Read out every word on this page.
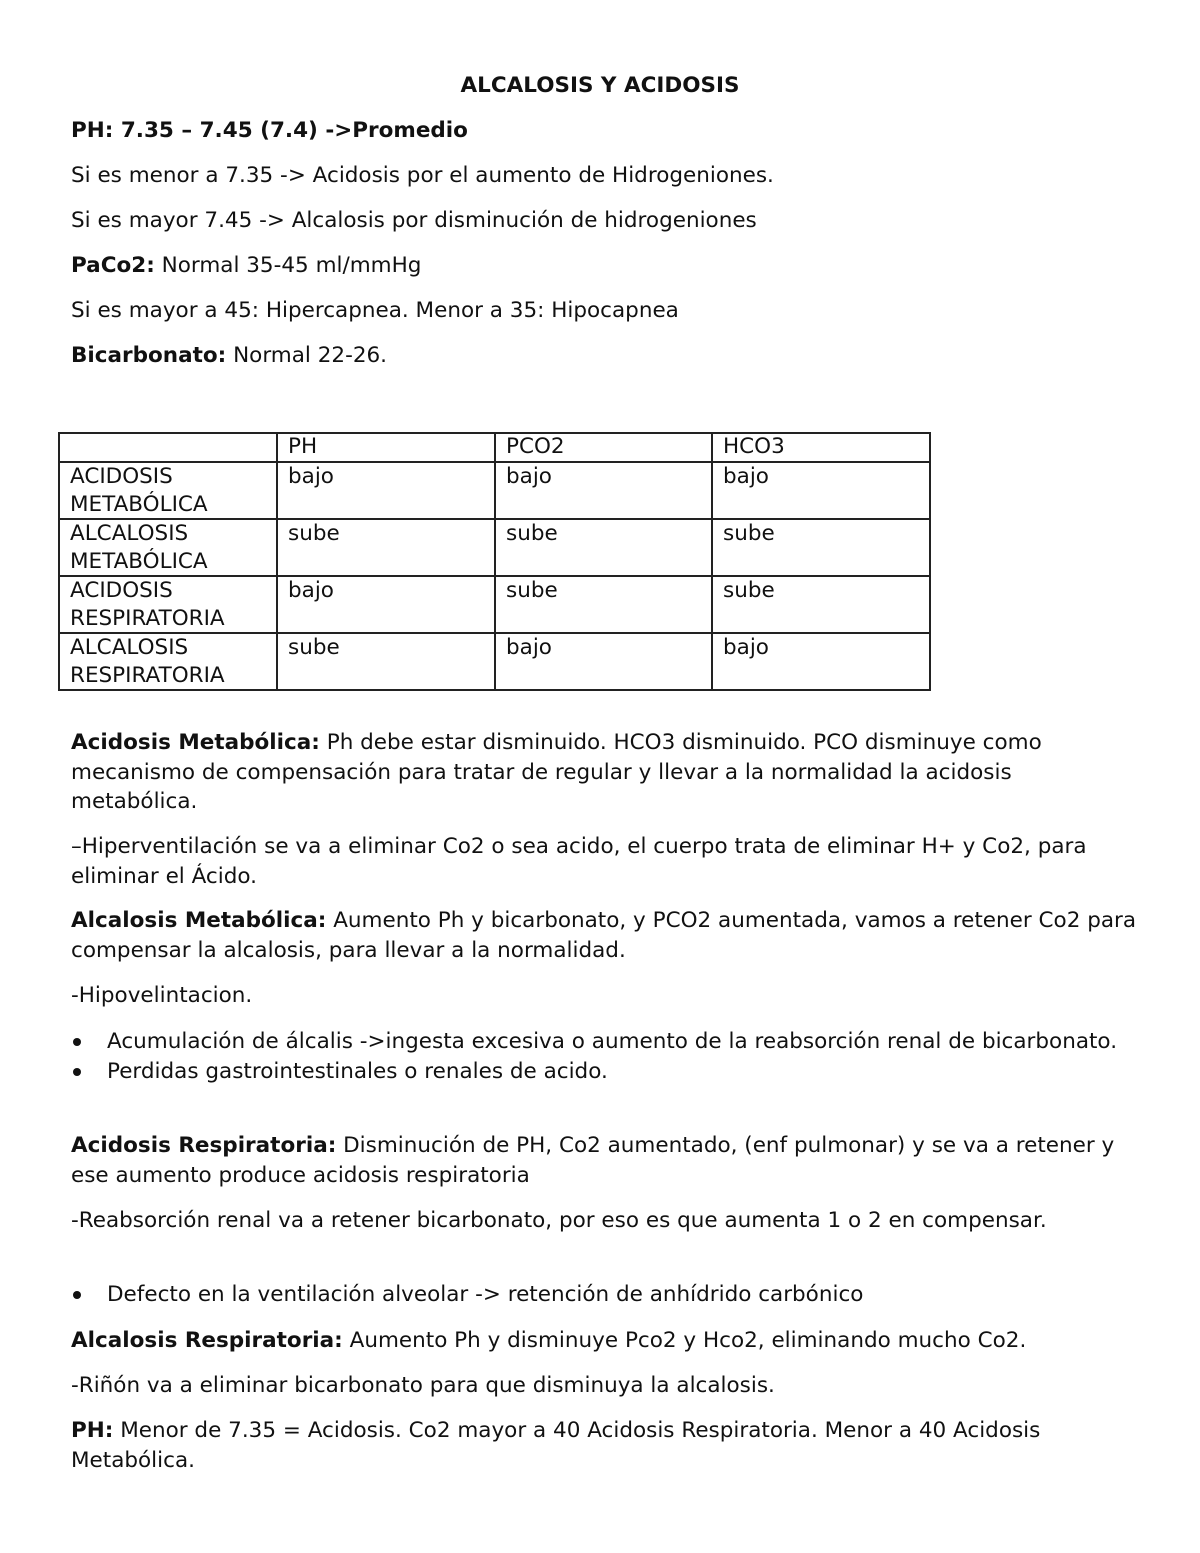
ALCALOSIS Y ACIDOSIS
PH: 7.35 – 7.45 (7.4) ->Promedio
Si es menor a 7.35 -> Acidosis por el aumento de Hidrogeniones.
Si es mayor 7.45 -> Alcalosis por disminución de hidrogeniones
PaCo2: Normal 35-45 ml/mmHg
Si es mayor a 45: Hipercapnea. Menor a 35: Hipocapnea
Bicarbonato: Normal 22-26.
	PH	PCO2	HCO3
ACIDOSIS METABÓLICA	bajo	bajo	bajo
ALCALOSIS METABÓLICA	sube	sube	sube
ACIDOSIS RESPIRATORIA	bajo	sube	sube
ALCALOSIS RESPIRATORIA	sube	bajo	bajo
Acidosis Metabólica: Ph debe estar disminuido. HCO3 disminuido. PCO disminuye como mecanismo de compensación para tratar de regular y llevar a la normalidad la acidosis metabólica.
–Hiperventilación se va a eliminar Co2 o sea acido, el cuerpo trata de eliminar H+ y Co2, para eliminar el Ácido.
Alcalosis Metabólica: Aumento Ph y bicarbonato, y PCO2 aumentada, vamos a retener Co2 para compensar la alcalosis, para llevar a la normalidad.
-Hipovelintacion.
Acumulación de álcalis ->ingesta excesiva o aumento de la reabsorción renal de bicarbonato.
Perdidas gastrointestinales o renales de acido.
Acidosis Respiratoria: Disminución de PH, Co2 aumentado, (enf pulmonar) y se va a retener y ese aumento produce acidosis respiratoria
-Reabsorción renal va a retener bicarbonato, por eso es que aumenta 1 o 2 en compensar.
Defecto en la ventilación alveolar -> retención de anhídrido carbónico
Alcalosis Respiratoria: Aumento Ph y disminuye Pco2 y Hco2, eliminando mucho Co2.
-Riñón va a eliminar bicarbonato para que disminuya la alcalosis.
PH: Menor de 7.35 = Acidosis. Co2 mayor a 40 Acidosis Respiratoria. Menor a 40 Acidosis Metabólica.
